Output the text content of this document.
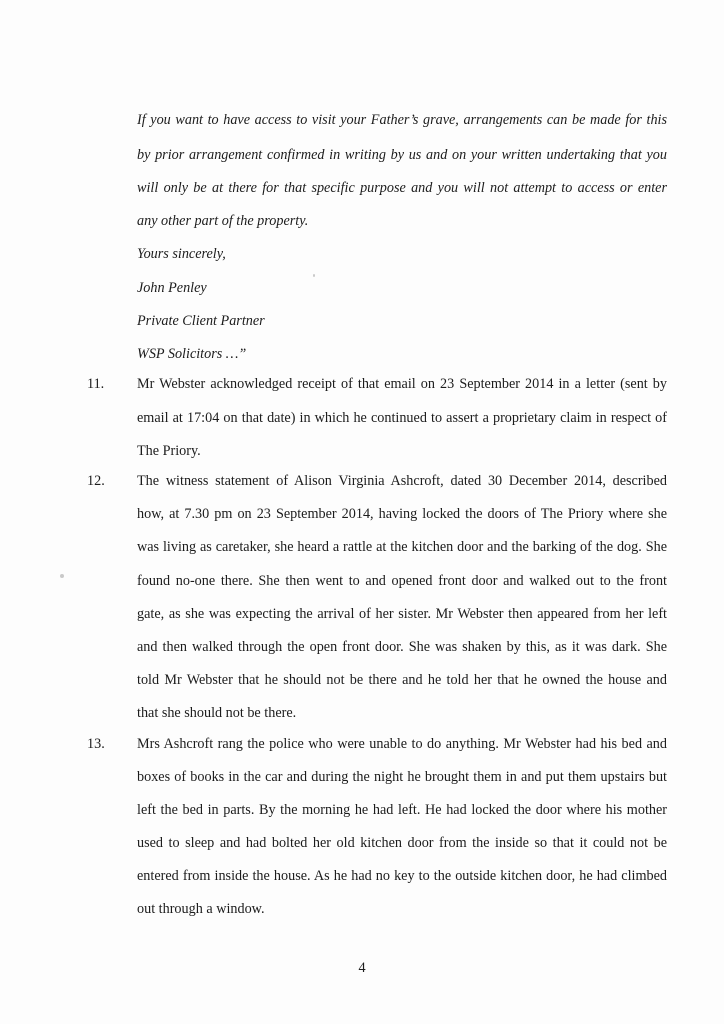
If you want to have access to visit your Father’s grave, arrangements can be made for this
by prior arrangement confirmed in writing by us and on your written undertaking that you
will only be at there for that specific purpose and you will not attempt to access or enter
any other part of the property.
Yours sincerely,
John Penley
Private Client Partner
WSP Solicitors …”
11.	Mr Webster acknowledged receipt of that email on 23 September 2014 in a letter (sent by
email at 17:04 on that date) in which he continued to assert a proprietary claim in respect of
The Priory.
12.	The witness statement of Alison Virginia Ashcroft, dated 30 December 2014, described
how, at 7.30 pm on 23 September 2014, having locked the doors of The Priory where she
was living as caretaker, she heard a rattle at the kitchen door and the barking of the dog. She
found no-one there. She then went to and opened front door and walked out to the front
gate, as she was expecting the arrival of her sister. Mr Webster then appeared from her left
and then walked through the open front door. She was shaken by this, as it was dark. She
told Mr Webster that he should not be there and he told her that he owned the house and
that she should not be there.
13.	Mrs Ashcroft rang the police who were unable to do anything. Mr Webster had his bed and
boxes of books in the car and during the night he brought them in and put them upstairs but
left the bed in parts. By the morning he had left. He had locked the door where his mother
used to sleep and had bolted her old kitchen door from the inside so that it could not be
entered from inside the house. As he had no key to the outside kitchen door, he had climbed
out through a window.
4
